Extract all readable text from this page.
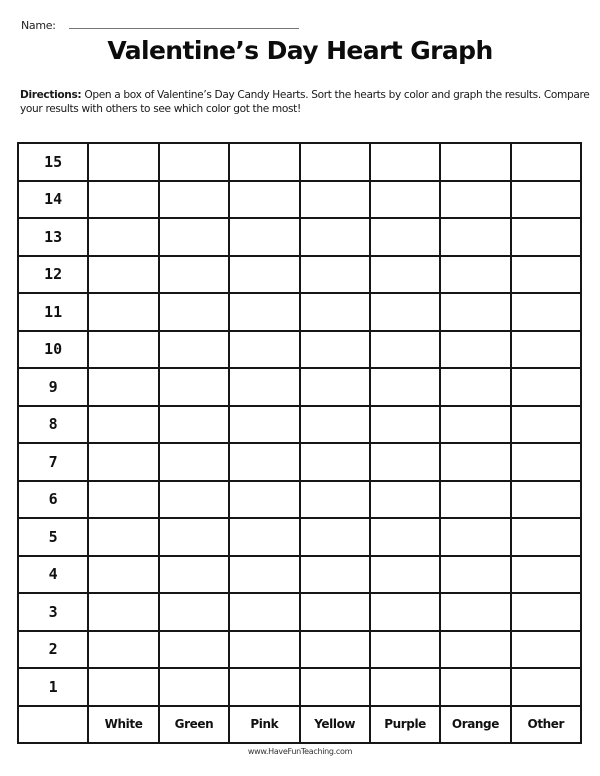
Name:
Valentine’s Day Heart Graph
Directions: Open a box of Valentine’s Day Candy Hearts. Sort the hearts by color and graph the results. Compare your results with others to see which color got the most!
15							
14							
13							
12							
11							
10							
9							
8							
7							
6							
5							
4							
3							
2							
1							
	White	Green	Pink	Yellow	Purple	Orange	Other
www.HaveFunTeaching.com
